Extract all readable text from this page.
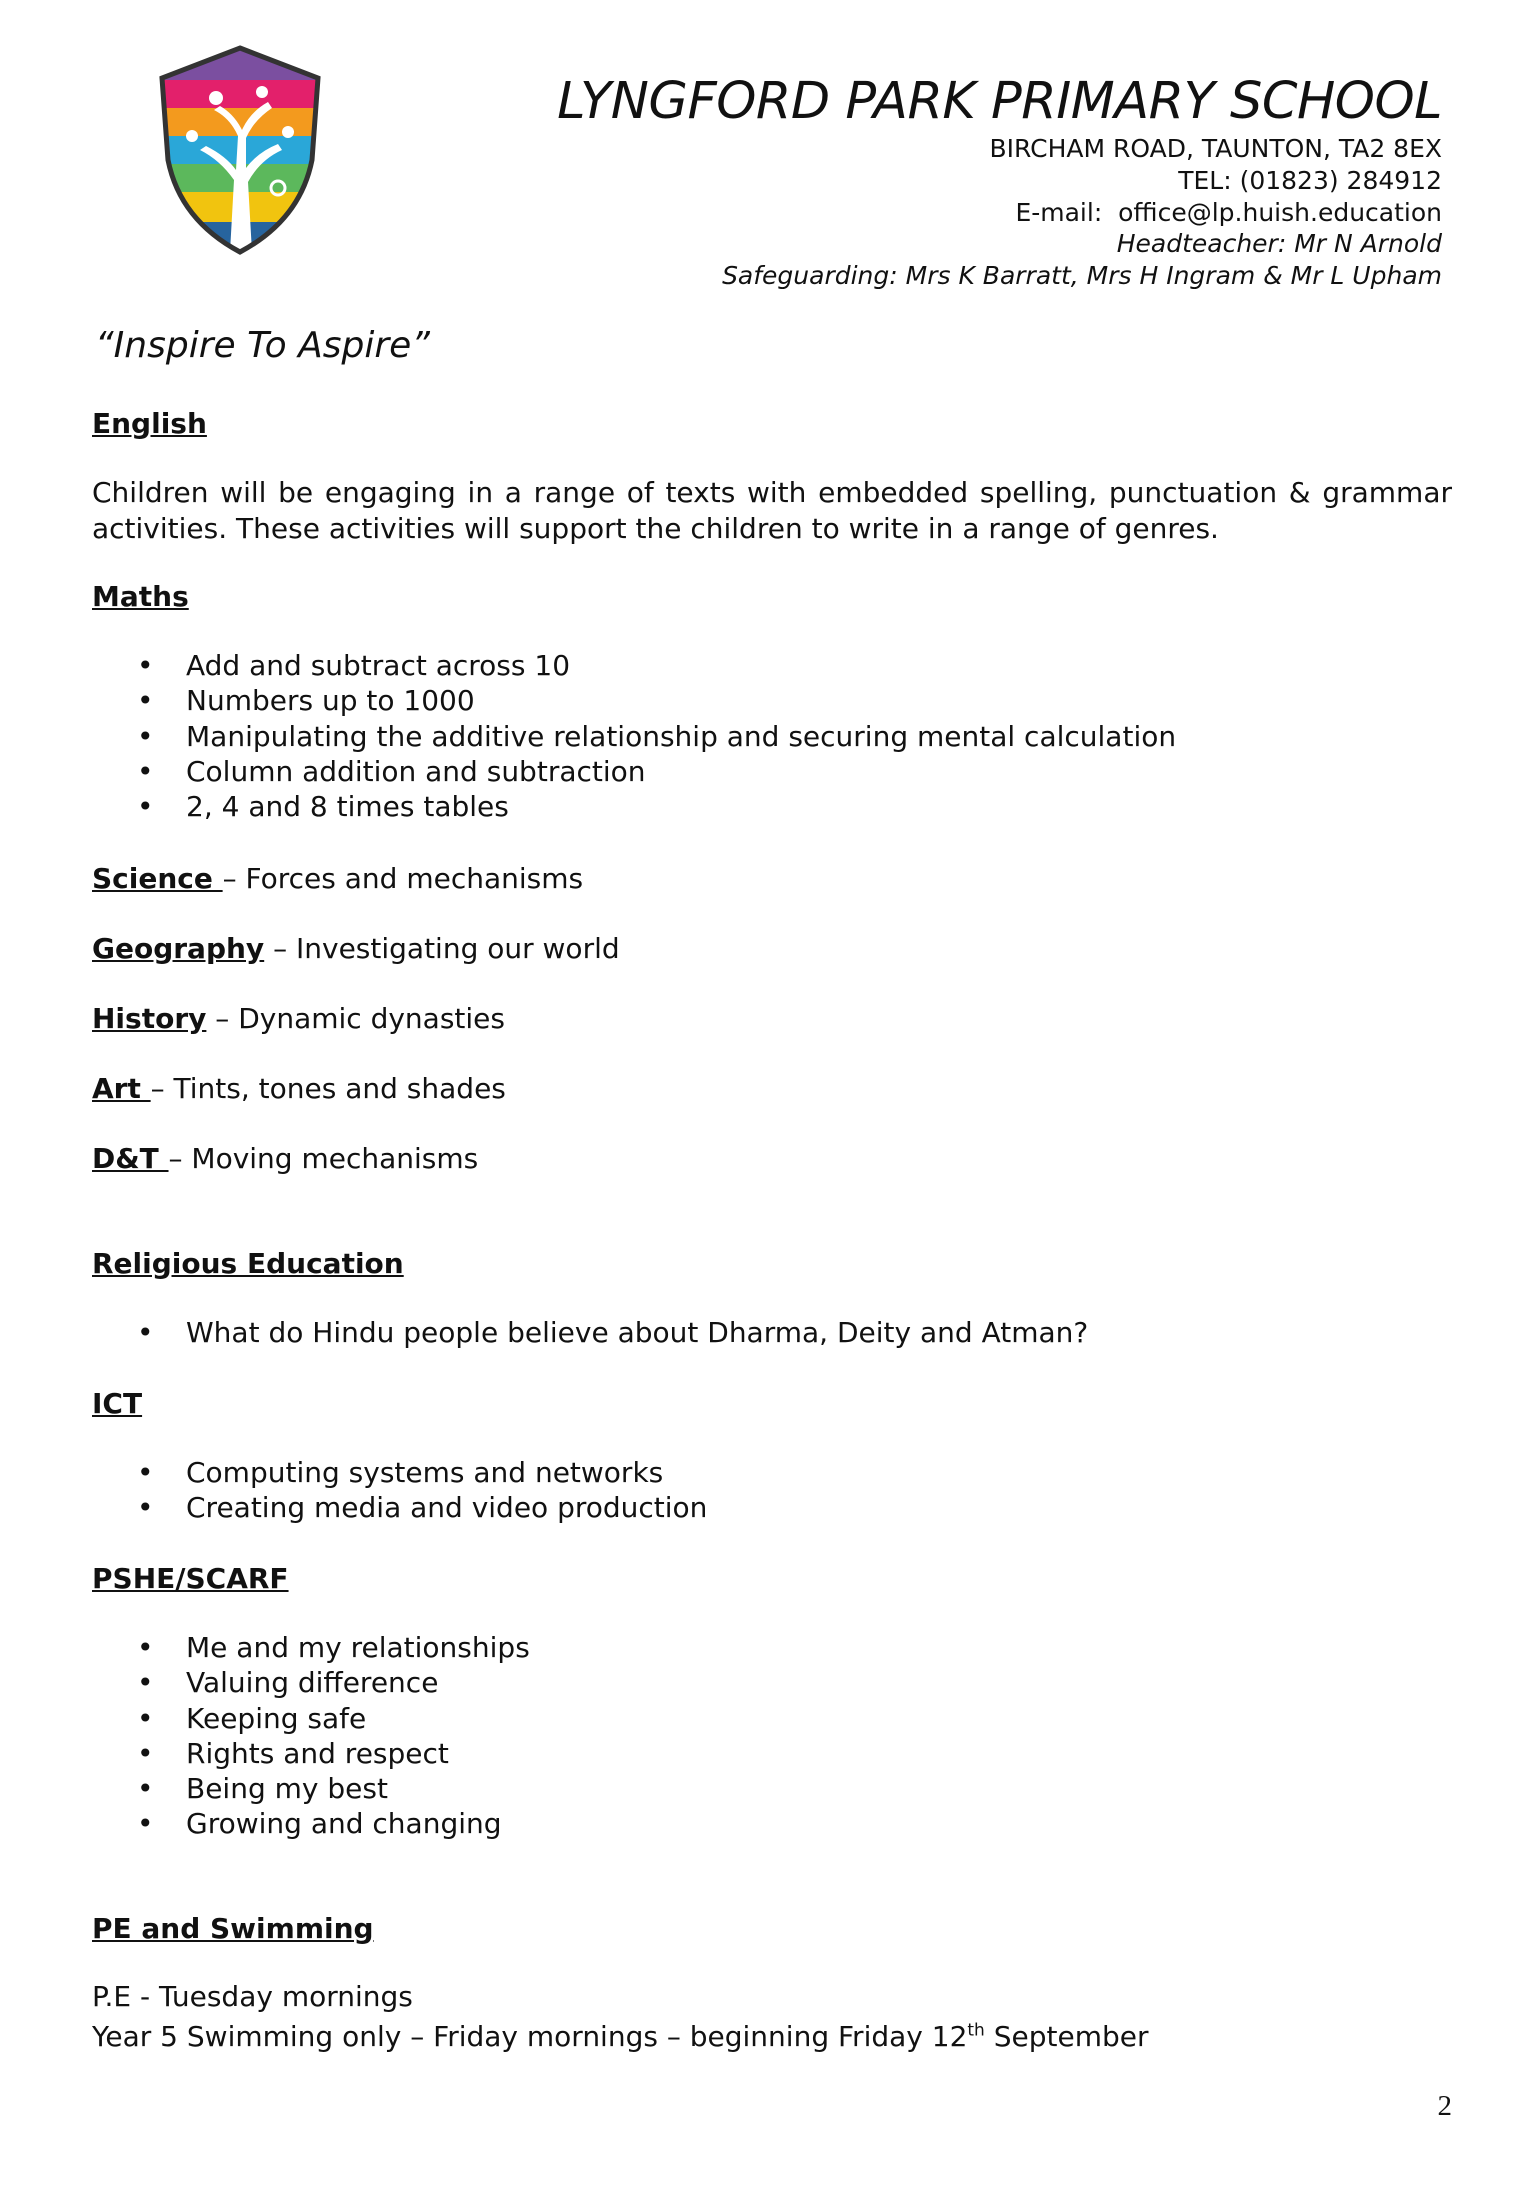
LYNGFORD PARK PRIMARY SCHOOL
BIRCHAM ROAD, TAUNTON, TA2 8EX
TEL: (01823) 284912
E-mail:  office@lp.huish.education
Headteacher: Mr N Arnold
Safeguarding: Mrs K Barratt, Mrs H Ingram & Mr L Upham
“Inspire To Aspire”
English
Children will be engaging in a range of texts with embedded spelling, punctuation & grammar activities. These activities will support the children to write in a range of genres.
Maths
• Add and subtract across 10
• Numbers up to 1000
• Manipulating the additive relationship and securing mental calculation
• Column addition and subtraction
• 2, 4 and 8 times tables
Science – Forces and mechanisms
Geography – Investigating our world
History – Dynamic dynasties
Art – Tints, tones and shades
D&T – Moving mechanisms
Religious Education
• What do Hindu people believe about Dharma, Deity and Atman?
ICT
• Computing systems and networks
• Creating media and video production
PSHE/SCARF
• Me and my relationships
• Valuing difference
• Keeping safe
• Rights and respect
• Being my best
• Growing and changing
PE and Swimming
P.E - Tuesday mornings
Year 5 Swimming only – Friday mornings – beginning Friday 12th September
2
